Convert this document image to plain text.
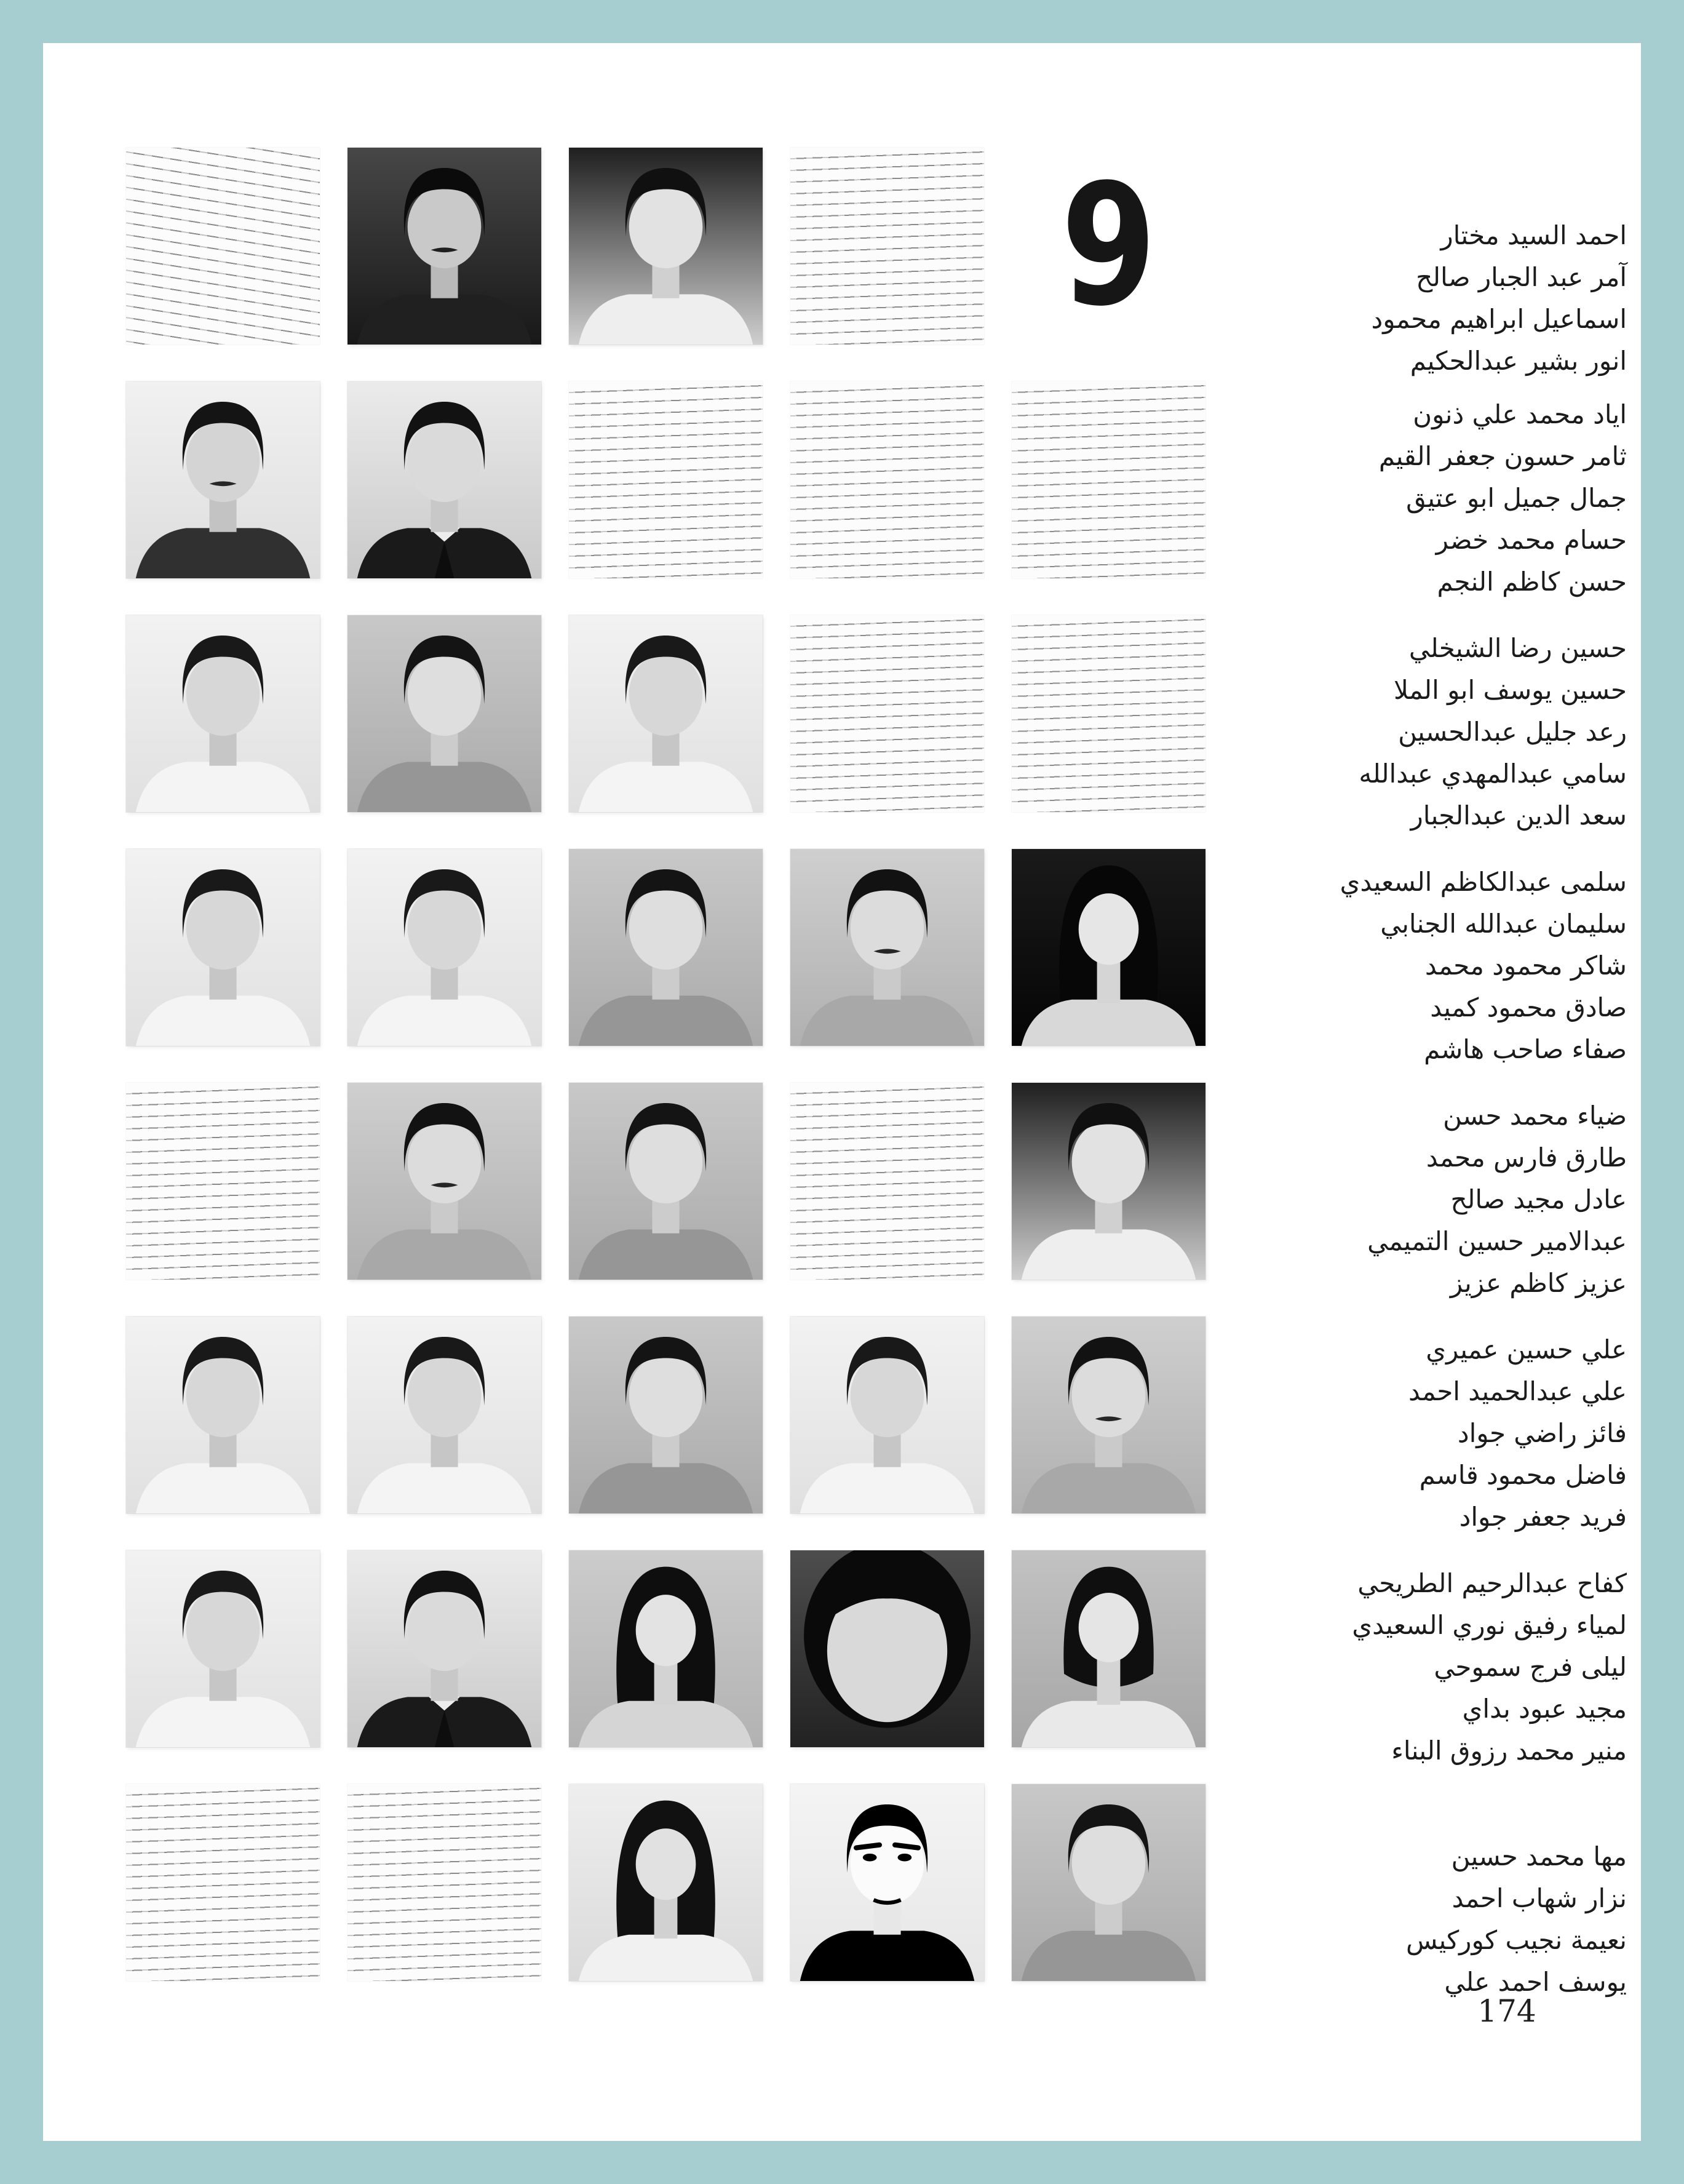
9	احمد السيد مختار
آمر عبد الجبار صالح
اسماعيل ابراهيم محمود
انور بشير عبدالحكيم
اياد محمد علي ذنون
ثامر حسون جعفر القيم
جمال جميل ابو عتيق
حسام محمد خضر
حسن كاظم النجم
حسين رضا الشيخلي
حسين يوسف ابو الملا
رعد جليل عبدالحسين
سامي عبدالمهدي عبدالله
سعد الدين عبدالجبار
سلمى عبدالكاظم السعيدي
سليمان عبدالله الجنابي
شاكر محمود محمد
صادق محمود كميد
صفاء صاحب هاشم
ضياء محمد حسن
طارق فارس محمد
عادل مجيد صالح
عبدالامير حسين التميمي
عزيز كاظم عزيز
علي حسين عميري
علي عبدالحميد احمد
فائز راضي جواد
فاضل محمود قاسم
فريد جعفر جواد
كفاح عبدالرحيم الطريحي
لمياء رفيق نوري السعيدي
ليلى فرج سموحي
مجيد عبود بداي
منير محمد رزوق البناء
مها محمد حسين
نزار شهاب احمد
نعيمة نجيب كوركيس
يوسف احمد علي
174
